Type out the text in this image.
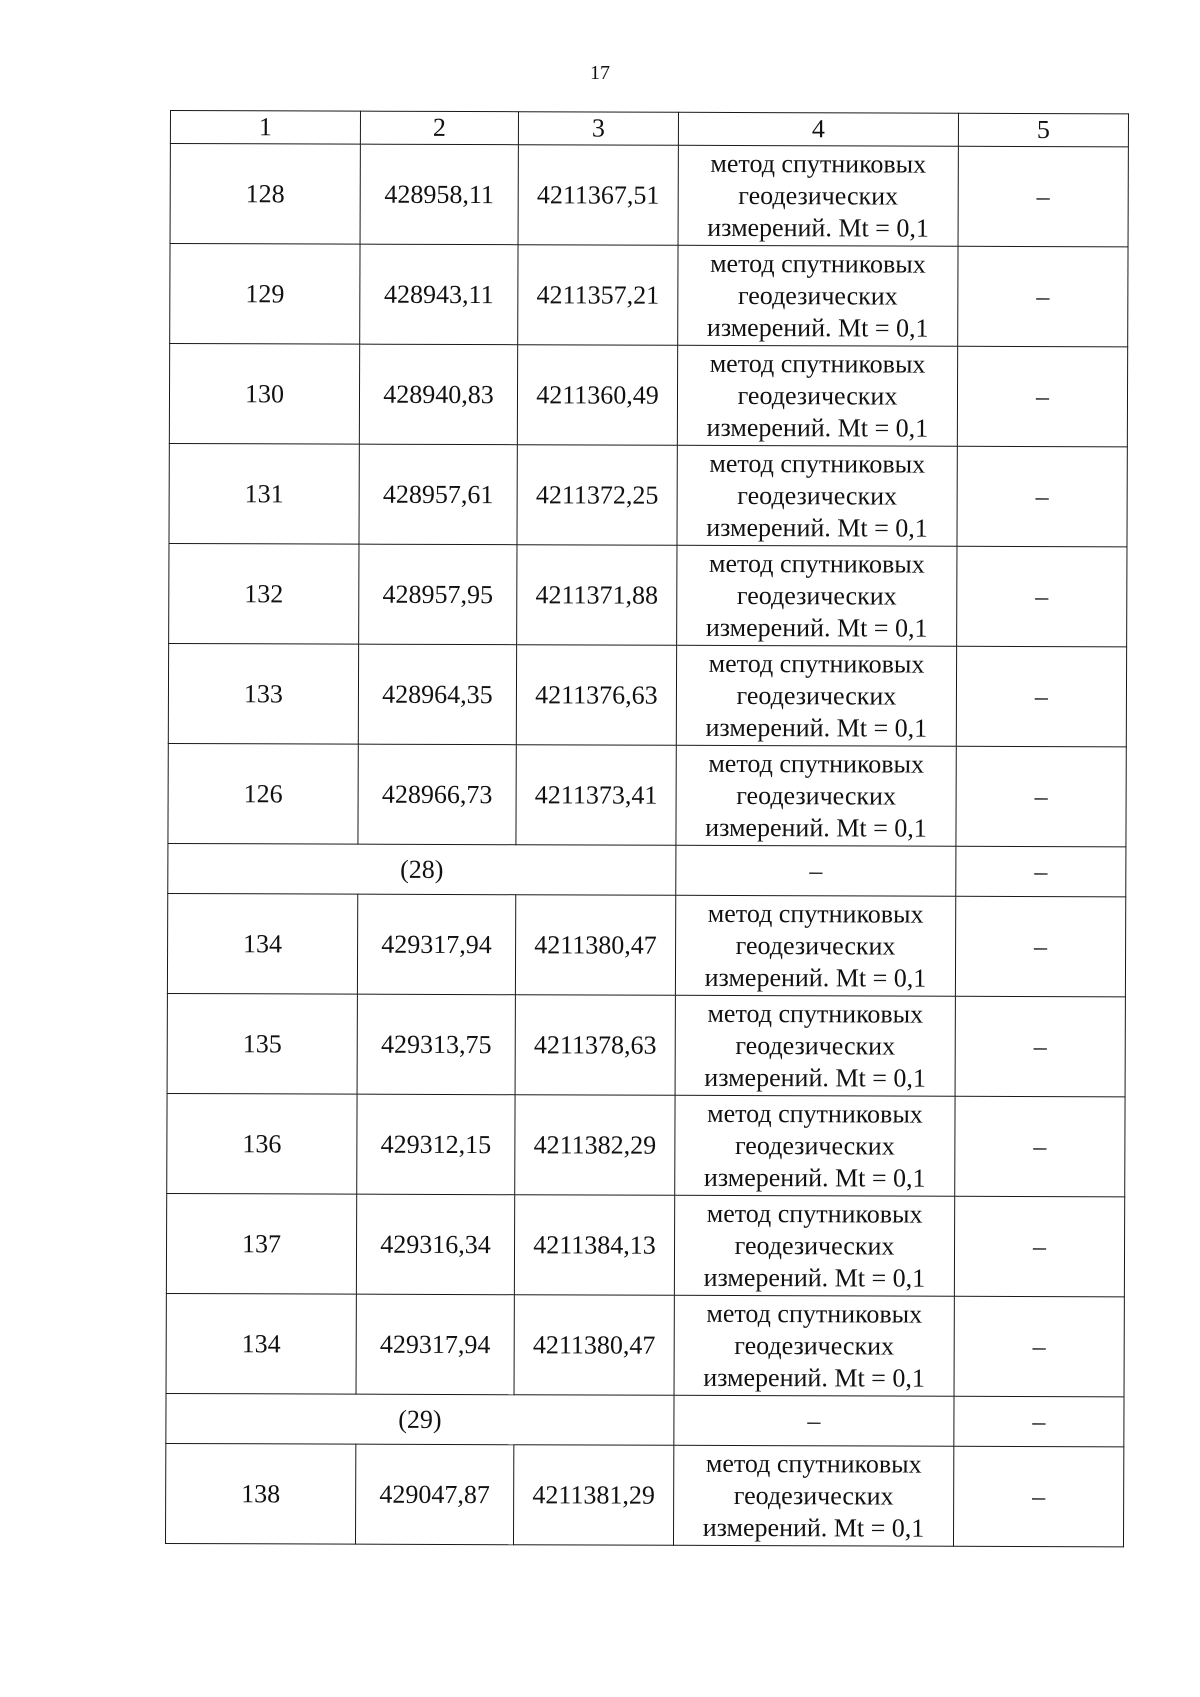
17
1	2	3	4	5
128	428958,11	4211367,51	метод спутниковых
геодезических
измерений. Mt = 0,1	–
129	428943,11	4211357,21	метод спутниковых
геодезических
измерений. Mt = 0,1	–
130	428940,83	4211360,49	метод спутниковых
геодезических
измерений. Mt = 0,1	–
131	428957,61	4211372,25	метод спутниковых
геодезических
измерений. Mt = 0,1	–
132	428957,95	4211371,88	метод спутниковых
геодезических
измерений. Mt = 0,1	–
133	428964,35	4211376,63	метод спутниковых
геодезических
измерений. Mt = 0,1	–
126	428966,73	4211373,41	метод спутниковых
геодезических
измерений. Mt = 0,1	–
(28)			–	–
134	429317,94	4211380,47	метод спутниковых
геодезических
измерений. Mt = 0,1	–
135	429313,75	4211378,63	метод спутниковых
геодезических
измерений. Mt = 0,1	–
136	429312,15	4211382,29	метод спутниковых
геодезических
измерений. Mt = 0,1	–
137	429316,34	4211384,13	метод спутниковых
геодезических
измерений. Mt = 0,1	–
134	429317,94	4211380,47	метод спутниковых
геодезических
измерений. Mt = 0,1	–
(29)			–	–
138	429047,87	4211381,29	метод спутниковых
геодезических
измерений. Mt = 0,1	–
